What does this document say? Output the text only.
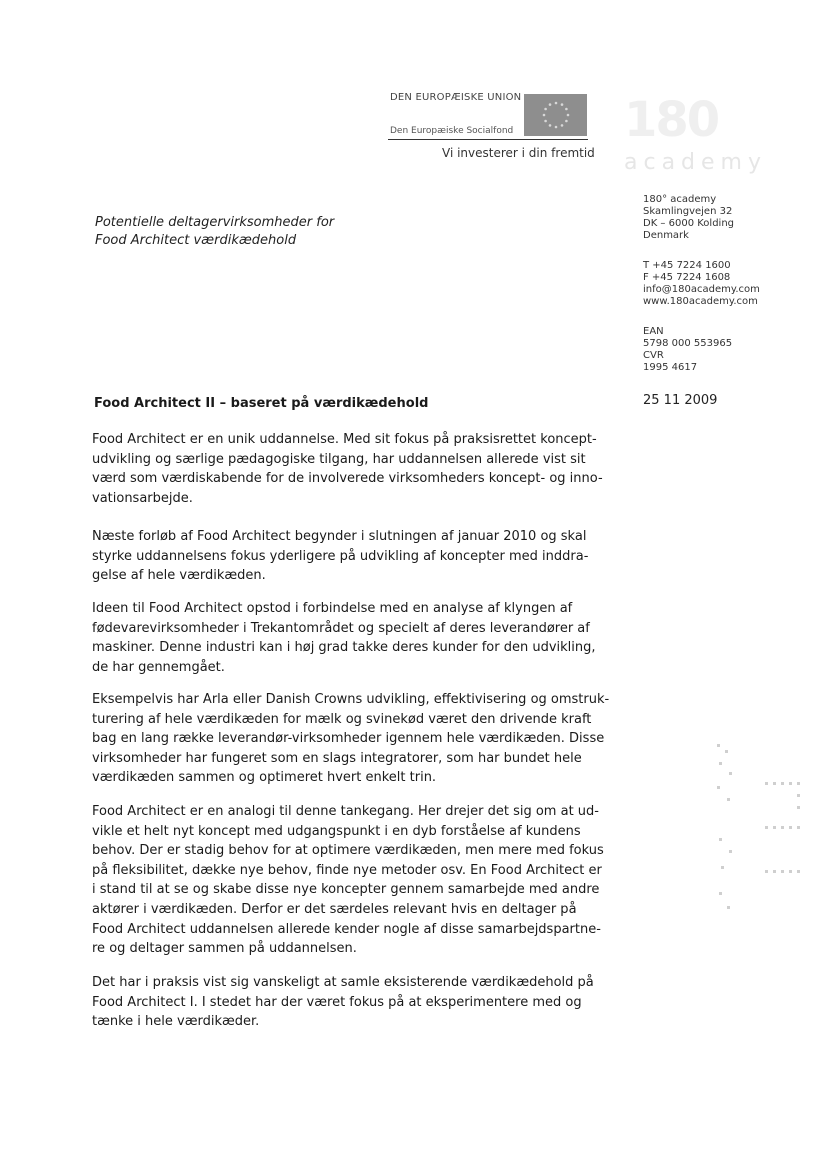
DEN EUROPÆISKE UNION
Den Europæiske Socialfond
Vi investerer i din fremtid
180
academy
Potentielle deltagervirksomheder for
Food Architect værdikædehold
180° academy
Skamlingvejen 32
DK – 6000 Kolding
Denmark
T +45 7224 1600
F +45 7224 1608
info@180academy.com
www.180academy.com
EAN
5798 000 553965
CVR
1995 4617
25 11 2009
Food Architect II – baseret på værdikædehold
Food Architect er en unik uddannelse. Med sit fokus på praksisrettet koncept-
udvikling og særlige pædagogiske tilgang, har uddannelsen allerede vist sit
værd som værdiskabende for de involverede virksomheders koncept- og inno-
vationsarbejde.
Næste forløb af Food Architect begynder i slutningen af januar 2010 og skal
styrke uddannelsens fokus yderligere på udvikling af koncepter med inddra-
gelse af hele værdikæden.
Ideen til Food Architect opstod i forbindelse med en analyse af klyngen af
fødevarevirksomheder i Trekantområdet og specielt af deres leverandører af
maskiner. Denne industri kan i høj grad takke deres kunder for den udvikling,
de har gennemgået.
Eksempelvis har Arla eller Danish Crowns udvikling, effektivisering og omstruk-
turering af hele værdikæden for mælk og svinekød været den drivende kraft
bag en lang række leverandør-virksomheder igennem hele værdikæden. Disse
virksomheder har fungeret som en slags integratorer, som har bundet hele
værdikæden sammen og optimeret hvert enkelt trin.
Food Architect er en analogi til denne tankegang. Her drejer det sig om at ud-
vikle et helt nyt koncept med udgangspunkt i en dyb forståelse af kundens
behov. Der er stadig behov for at optimere værdikæden, men mere med fokus
på fleksibilitet, dække nye behov, finde nye metoder osv. En Food Architect er
i stand til at se og skabe disse nye koncepter gennem samarbejde med andre
aktører i værdikæden. Derfor er det særdeles relevant hvis en deltager på
Food Architect uddannelsen allerede kender nogle af disse samarbejdspartne-
re og deltager sammen på uddannelsen.
Det har i praksis vist sig vanskeligt at samle eksisterende værdikædehold på
Food Architect I. I stedet har der været fokus på at eksperimentere med og
tænke i hele værdikæder.
